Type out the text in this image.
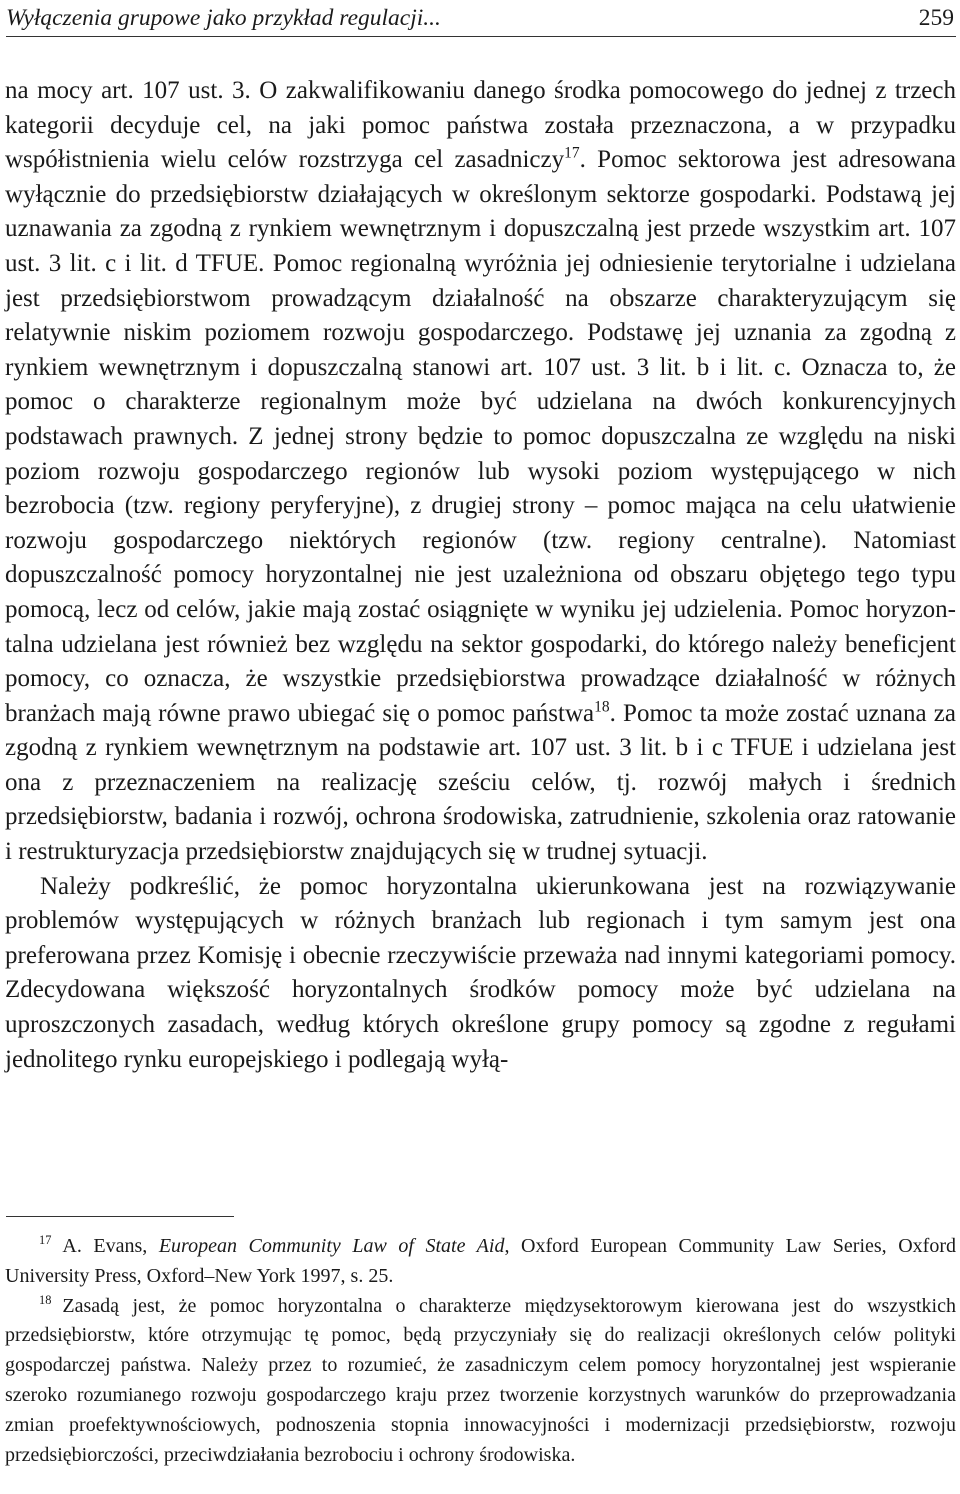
Wyłączenia grupowe jako przykład regulacji...	259

na mocy art. 107 ust. 3. O zakwalifikowaniu danego środka pomocowego do jednej z trzech kategorii decyduje cel, na jaki pomoc państwa została przeznaczona, a w przypadku współistnienia wielu celów rozstrzyga cel zasadniczy$^{17}$. Pomoc sektorowa jest adresowana wyłącznie do przedsiębiorstw działających w określonym sektorze gospodarki. Podstawą jej uznawania za zgodną z rynkiem wewnętrznym i dopuszczalną jest przede wszystkim art. 107 ust. 3 lit. c i lit. d TFUE. Pomoc regionalną wyróżnia jej odniesienie terytorialne i udzielana jest przedsiębiorstwom prowadzącym działalność na obszarze charakteryzującym się relatywnie niskim poziomem rozwoju gospodarczego. Podstawę jej uznania za zgodną z rynkiem wewnętrznym i dopuszczalną stanowi art. 107 ust. 3 lit. b i lit. c. Oznacza to, że pomoc o charakterze regionalnym może być udzielana na dwóch konkurencyjnych podstawach prawnych. Z jednej strony będzie to pomoc dopuszczalna ze względu na niski poziom rozwoju gospodarczego regionów lub wysoki poziom występującego w nich bezrobocia (tzw. regiony peryferyjne), z drugiej strony – pomoc mająca na celu ułatwienie rozwoju gospodarczego niektórych regionów (tzw. regiony centralne). Natomiast dopuszczalność pomocy horyzontalnej nie jest uzależniona od obszaru objętego tego typu pomocą, lecz od celów, jakie mają zostać osiągnięte w wyniku jej udzielenia. Pomoc horyzontalna udzielana jest również bez względu na sektor gospodarki, do którego należy beneficjent pomocy, co oznacza, że wszystkie przedsiębiorstwa prowadzące działalność w różnych branżach mają równe prawo ubiegać się o pomoc państwa$^{18}$. Pomoc ta może zostać uznana za zgodną z rynkiem wewnętrznym na podstawie art. 107 ust. 3 lit. b i c TFUE i udzielana jest ona z przeznaczeniem na realizację sześciu celów, tj. rozwój małych i średnich przedsiębiorstw, badania i rozwój, ochrona środowiska, zatrudnienie, szkolenia oraz ratowanie i restrukturyzacja przedsiębiorstw znajdujących się w trudnej sytuacji.

Należy podkreślić, że pomoc horyzontalna ukierunkowana jest na rozwiązywanie problemów występujących w różnych branżach lub regionach i tym samym jest ona preferowana przez Komisję i obecnie rzeczywiście przeważa nad innymi kategoriami pomocy. Zdecydowana większość horyzontalnych środków pomocy może być udzielana na uproszczonych zasadach, według których określone grupy pomocy są zgodne z regułami jednolitego rynku europejskiego i podlegają wyłą-

$^{17}$ A. Evans, European Community Law of State Aid, Oxford European Community Law Series, Oxford University Press, Oxford–New York 1997, s. 25.

$^{18}$ Zasadą jest, że pomoc horyzontalna o charakterze międzysektorowym kierowana jest do wszystkich przedsiębiorstw, które otrzymując tę pomoc, będą przyczyniały się do realizacji określonych celów polityki gospodarczej państwa. Należy przez to rozumieć, że zasadniczym celem pomocy horyzontalnej jest wspieranie szeroko rozumianego rozwoju gospodarczego kraju przez tworzenie korzystnych warunków do przeprowadzania zmian proefektywnościowych, podnoszenia stopnia innowacyjności i modernizacji przedsiębiorstw, rozwoju przedsiębiorczości, przeciwdziałania bezrobociu i ochrony środowiska.
